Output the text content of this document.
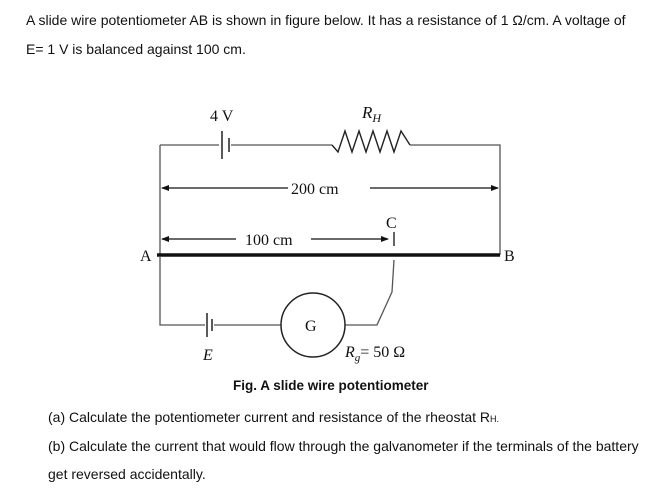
A slide wire potentiometer AB is shown in figure below. It has a resistance of 1 Ω/cm. A voltage of E= 1 V is balanced against 100 cm.
4 V	$R_H$
200 cm
100 cm
C
A	B
E
G
$R_g= 50$ Ω
Fig. A slide wire potentiometer
(a) Calculate the potentiometer current and resistance of the rheostat RH.
(b) Calculate the current that would flow through the galvanometer if the terminals of the battery get reversed accidentally.
